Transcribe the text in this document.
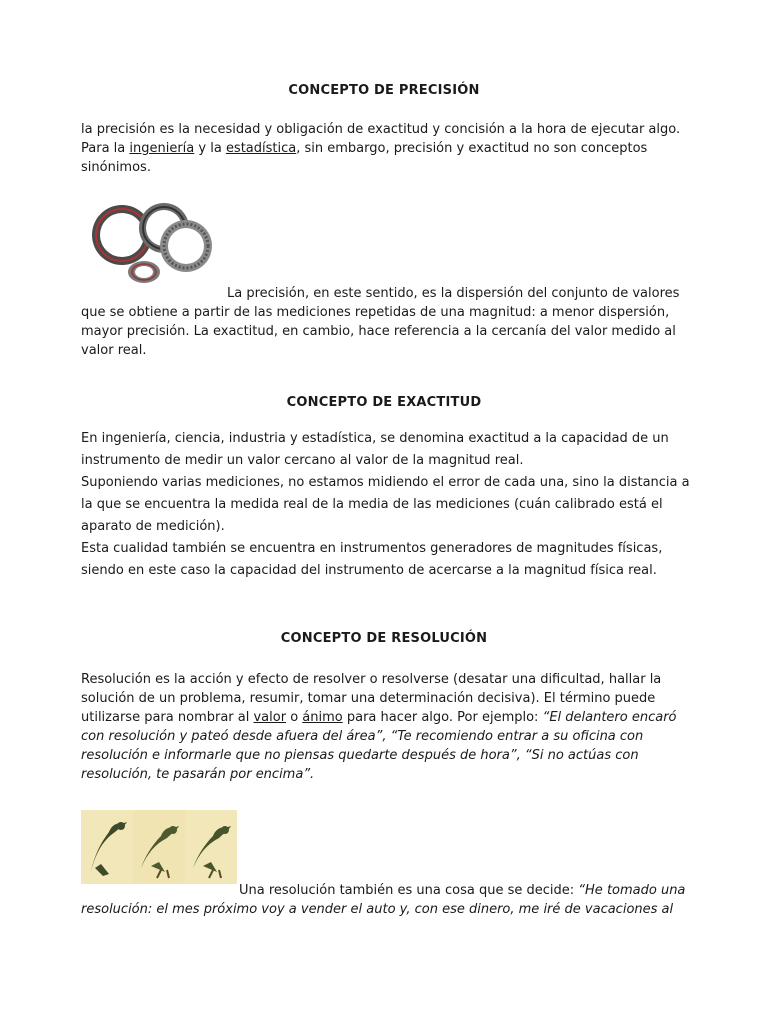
CONCEPTO DE PRECISIÓN
la precisión es la necesidad y obligación de exactitud y concisión a la hora de ejecutar algo. Para la ingeniería y la estadística, sin embargo, precisión y exactitud no son conceptos sinónimos.
La precisión, en este sentido, es la dispersión del conjunto de valores que se obtiene a partir de las mediciones repetidas de una magnitud: a menor dispersión, mayor precisión. La exactitud, en cambio, hace referencia a la cercanía del valor medido al valor real.
CONCEPTO DE EXACTITUD
En ingeniería, ciencia, industria y estadística, se denomina exactitud a la capacidad de un instrumento de medir un valor cercano al valor de la magnitud real.
Suponiendo varias mediciones, no estamos midiendo el error de cada una, sino la distancia a la que se encuentra la medida real de la media de las mediciones (cuán calibrado está el aparato de medición).
Esta cualidad también se encuentra en instrumentos generadores de magnitudes físicas, siendo en este caso la capacidad del instrumento de acercarse a la magnitud física real.
CONCEPTO DE RESOLUCIÓN
Resolución es la acción y efecto de resolver o resolverse (desatar una dificultad, hallar la solución de un problema, resumir, tomar una determinación decisiva). El término puede utilizarse para nombrar al valor o ánimo para hacer algo. Por ejemplo: “El delantero encaró con resolución y pateó desde afuera del área”, “Te recomiendo entrar a su oficina con resolución e informarle que no piensas quedarte después de hora”, “Si no actúas con resolución, te pasarán por encima”.
Una resolución también es una cosa que se decide: “He tomado una resolución: el mes próximo voy a vender el auto y, con ese dinero, me iré de vacaciones al
